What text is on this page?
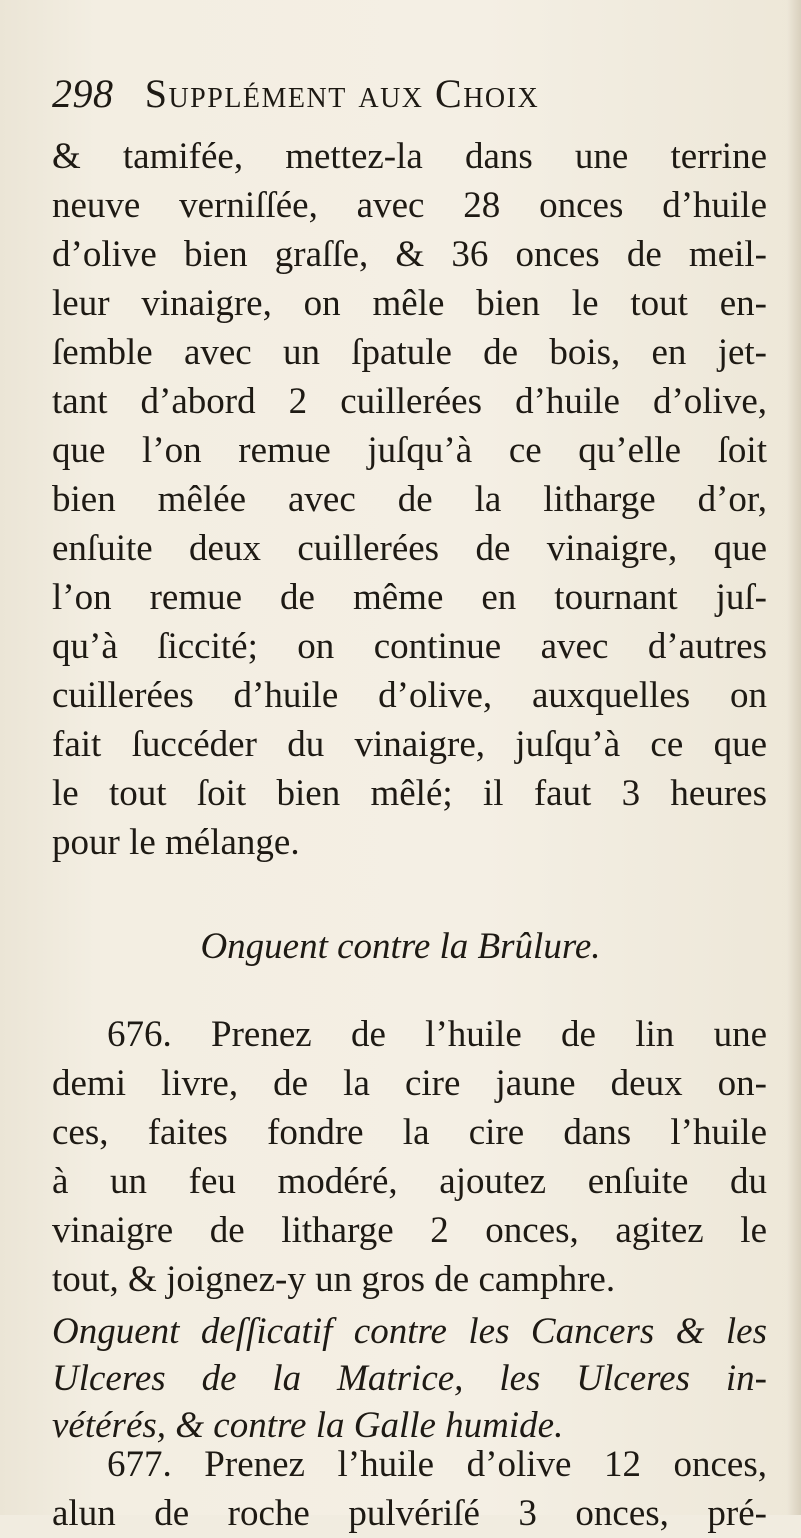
298 Supplément aux Choix
& tamifée, mettez-la dans une terrine
neuve verniſſée, avec 28 onces d’huile
d’olive bien graſſe, & 36 onces de meil-
leur vinaigre, on mêle bien le tout en-
ſemble avec un ſpatule de bois, en jet-
tant d’abord 2 cuillerées d’huile d’olive,
que l’on remue juſqu’à ce qu’elle ſoit
bien mêlée avec de la litharge d’or,
enſuite deux cuillerées de vinaigre, que
l’on remue de même en tournant juſ-
qu’à ſiccité; on continue avec d’autres
cuillerées d’huile d’olive, auxquelles on
fait ſuccéder du vinaigre, juſqu’à ce que
le tout ſoit bien mêlé; il faut 3 heures
pour le mélange.
Onguent contre la Brûlure.
676. Prenez de l’huile de lin une
demi livre, de la cire jaune deux on-
ces, faites fondre la cire dans l’huile
à un feu modéré, ajoutez enſuite du
vinaigre de litharge 2 onces, agitez le
tout, & joignez-y un gros de camphre.
Onguent deſſicatif contre les Cancers & les
Ulceres de la Matrice, les Ulceres in-
vétérés, & contre la Galle humide.
677. Prenez l’huile d’olive 12 onces,
alun de roche pulvériſé 3 onces, pré-
